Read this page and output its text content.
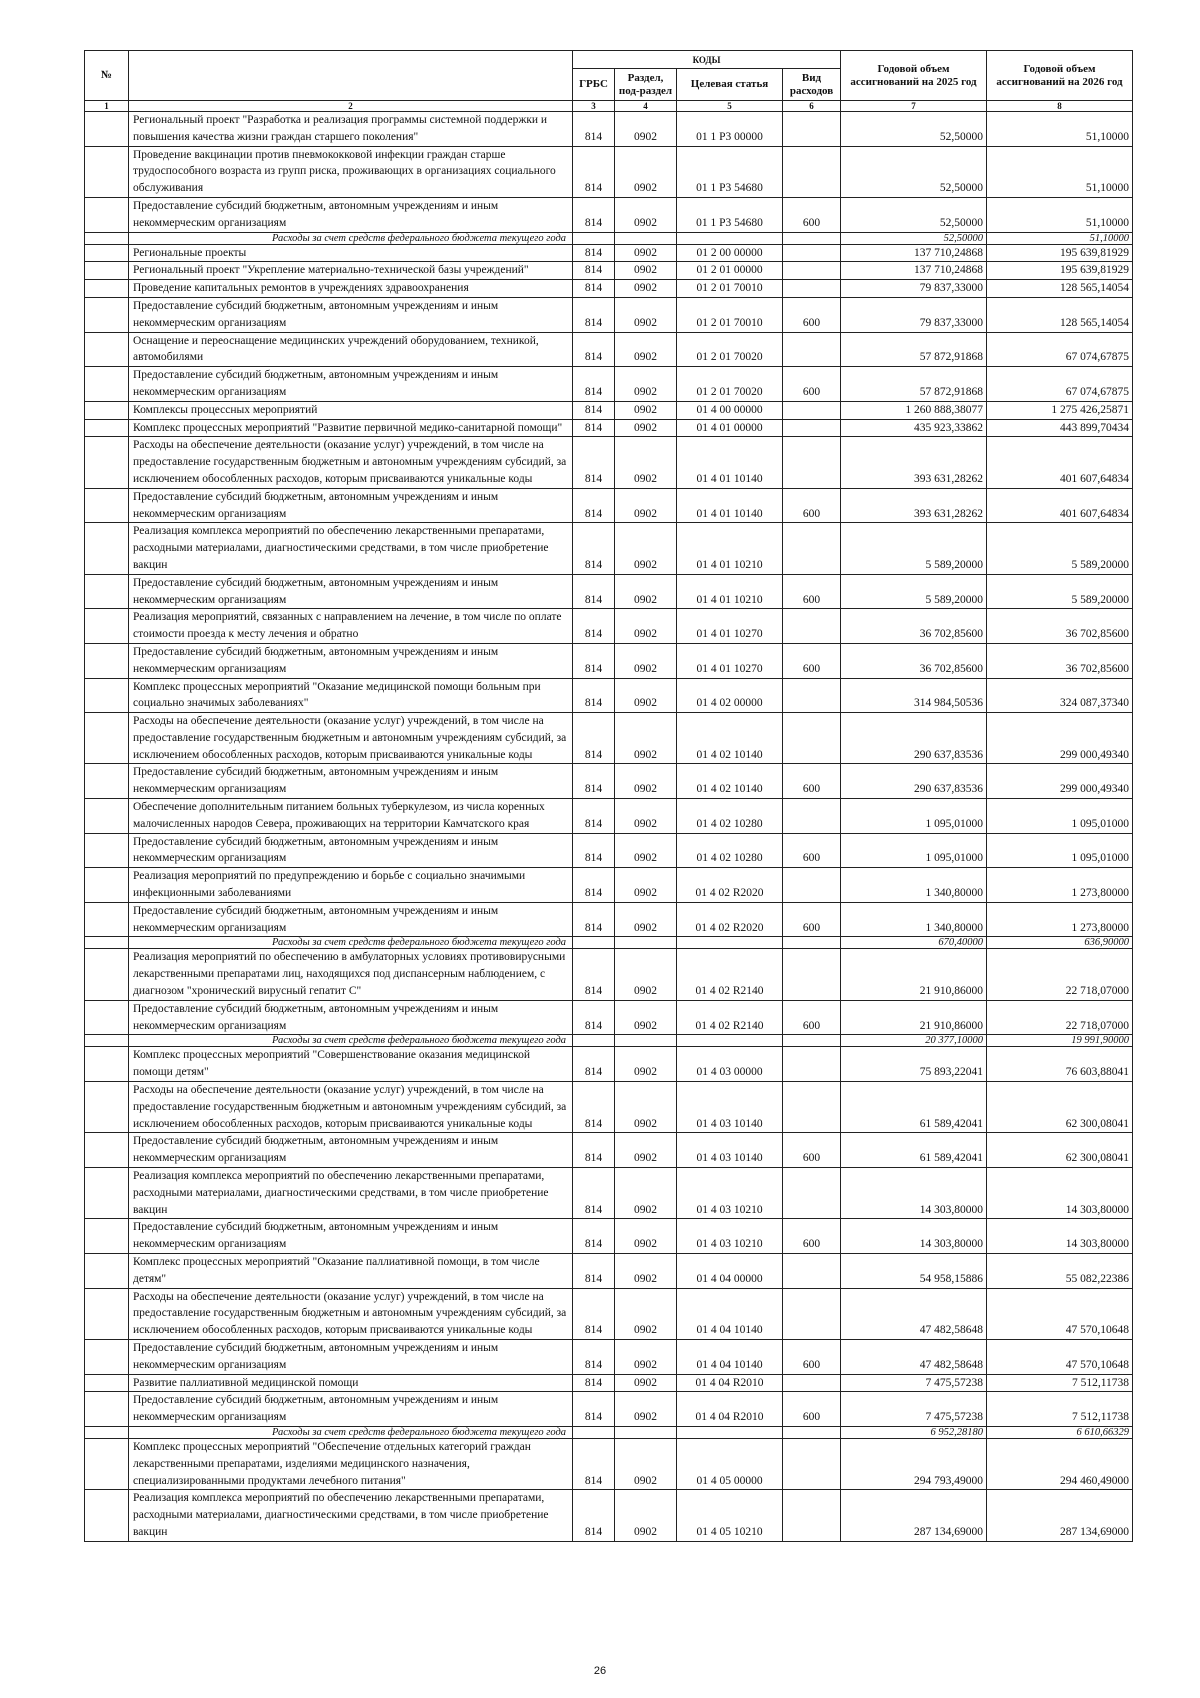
№		КОДЫ				Годовой объем ассигнований на 2025 год	Годовой объем ассигнований на 2026 год
		ГРБС	Раздел, под-раздел	Целевая статья	Вид расходов		
1	2	3	4	5	6	7	8
	Региональный проект "Разработка и реализация программы системной поддержки и повышения качества жизни граждан старшего поколения"	814	0902	01 1 P3 00000		52,50000	51,10000
	Проведение вакцинации против пневмококковой инфекции граждан старше трудоспособного возраста из групп риска, проживающих в организациях социального обслуживания	814	0902	01 1 P3 54680		52,50000	51,10000
	Предоставление субсидий бюджетным, автономным учреждениям и иным некоммерческим организациям	814	0902	01 1 P3 54680	600	52,50000	51,10000
	Расходы за счет средств федерального бюджета текущего года					52,50000	51,10000
	Региональные проекты	814	0902	01 2 00 00000		137 710,24868	195 639,81929
	Региональный проект "Укрепление материально-технической базы учреждений"	814	0902	01 2 01 00000		137 710,24868	195 639,81929
	Проведение капитальных ремонтов в учреждениях здравоохранения	814	0902	01 2 01 70010		79 837,33000	128 565,14054
	Предоставление субсидий бюджетным, автономным учреждениям и иным некоммерческим организациям	814	0902	01 2 01 70010	600	79 837,33000	128 565,14054
	Оснащение и переоснащение медицинских учреждений оборудованием, техникой, автомобилями	814	0902	01 2 01 70020		57 872,91868	67 074,67875
	Предоставление субсидий бюджетным, автономным учреждениям и иным некоммерческим организациям	814	0902	01 2 01 70020	600	57 872,91868	67 074,67875
	Комплексы процессных мероприятий	814	0902	01 4 00 00000		1 260 888,38077	1 275 426,25871
	Комплекс процессных мероприятий "Развитие первичной медико-санитарной помощи"	814	0902	01 4 01 00000		435 923,33862	443 899,70434
	Расходы на обеспечение деятельности (оказание услуг) учреждений, в том числе на предоставление государственным бюджетным и автономным учреждениям субсидий, за исключением обособленных расходов, которым присваиваются уникальные коды	814	0902	01 4 01 10140		393 631,28262	401 607,64834
	Предоставление субсидий бюджетным, автономным учреждениям и иным некоммерческим организациям	814	0902	01 4 01 10140	600	393 631,28262	401 607,64834
	Реализация комплекса мероприятий по обеспечению лекарственными препаратами, расходными материалами, диагностическими средствами, в том числе приобретение вакцин	814	0902	01 4 01 10210		5 589,20000	5 589,20000
	Предоставление субсидий бюджетным, автономным учреждениям и иным некоммерческим организациям	814	0902	01 4 01 10210	600	5 589,20000	5 589,20000
	Реализация мероприятий, связанных с направлением на лечение, в том числе по оплате стоимости проезда к месту лечения и обратно	814	0902	01 4 01 10270		36 702,85600	36 702,85600
	Предоставление субсидий бюджетным, автономным учреждениям и иным некоммерческим организациям	814	0902	01 4 01 10270	600	36 702,85600	36 702,85600
	Комплекс процессных мероприятий "Оказание медицинской помощи больным при социально значимых заболеваниях"	814	0902	01 4 02 00000		314 984,50536	324 087,37340
	Расходы на обеспечение деятельности (оказание услуг) учреждений, в том числе на предоставление государственным бюджетным и автономным учреждениям субсидий, за исключением обособленных расходов, которым присваиваются уникальные коды	814	0902	01 4 02 10140		290 637,83536	299 000,49340
	Предоставление субсидий бюджетным, автономным учреждениям и иным некоммерческим организациям	814	0902	01 4 02 10140	600	290 637,83536	299 000,49340
	Обеспечение дополнительным питанием больных туберкулезом, из числа коренных малочисленных народов Севера, проживающих на территории Камчатского края	814	0902	01 4 02 10280		1 095,01000	1 095,01000
	Предоставление субсидий бюджетным, автономным учреждениям и иным некоммерческим организациям	814	0902	01 4 02 10280	600	1 095,01000	1 095,01000
	Реализация мероприятий по предупреждению и борьбе с социально значимыми инфекционными заболеваниями	814	0902	01 4 02 R2020		1 340,80000	1 273,80000
	Предоставление субсидий бюджетным, автономным учреждениям и иным некоммерческим организациям	814	0902	01 4 02 R2020	600	1 340,80000	1 273,80000
	Расходы за счет средств федерального бюджета текущего года					670,40000	636,90000
	Реализация мероприятий по обеспечению в амбулаторных условиях противовирусными лекарственными препаратами лиц, находящихся под диспансерным наблюдением, с диагнозом "хронический вирусный гепатит С"	814	0902	01 4 02 R2140		21 910,86000	22 718,07000
	Предоставление субсидий бюджетным, автономным учреждениям и иным некоммерческим организациям	814	0902	01 4 02 R2140	600	21 910,86000	22 718,07000
	Расходы за счет средств федерального бюджета текущего года					20 377,10000	19 991,90000
	Комплекс процессных мероприятий "Совершенствование оказания медицинской помощи детям"	814	0902	01 4 03 00000		75 893,22041	76 603,88041
	Расходы на обеспечение деятельности (оказание услуг) учреждений, в том числе на предоставление государственным бюджетным и автономным учреждениям субсидий, за исключением обособленных расходов, которым присваиваются уникальные коды	814	0902	01 4 03 10140		61 589,42041	62 300,08041
	Предоставление субсидий бюджетным, автономным учреждениям и иным некоммерческим организациям	814	0902	01 4 03 10140	600	61 589,42041	62 300,08041
	Реализация комплекса мероприятий по обеспечению лекарственными препаратами, расходными материалами, диагностическими средствами, в том числе приобретение вакцин	814	0902	01 4 03 10210		14 303,80000	14 303,80000
	Предоставление субсидий бюджетным, автономным учреждениям и иным некоммерческим организациям	814	0902	01 4 03 10210	600	14 303,80000	14 303,80000
	Комплекс процессных мероприятий "Оказание паллиативной помощи, в том числе детям"	814	0902	01 4 04 00000		54 958,15886	55 082,22386
	Расходы на обеспечение деятельности (оказание услуг) учреждений, в том числе на предоставление государственным бюджетным и автономным учреждениям субсидий, за исключением обособленных расходов, которым присваиваются уникальные коды	814	0902	01 4 04 10140		47 482,58648	47 570,10648
	Предоставление субсидий бюджетным, автономным учреждениям и иным некоммерческим организациям	814	0902	01 4 04 10140	600	47 482,58648	47 570,10648
	Развитие паллиативной медицинской помощи	814	0902	01 4 04 R2010		7 475,57238	7 512,11738
	Предоставление субсидий бюджетным, автономным учреждениям и иным некоммерческим организациям	814	0902	01 4 04 R2010	600	7 475,57238	7 512,11738
	Расходы за счет средств федерального бюджета текущего года					6 952,28180	6 610,66329
	Комплекс процессных мероприятий "Обеспечение отдельных категорий граждан лекарственными препаратами, изделиями медицинского назначения, специализированными продуктами лечебного питания"	814	0902	01 4 05 00000		294 793,49000	294 460,49000
	Реализация комплекса мероприятий по обеспечению лекарственными препаратами, расходными материалами, диагностическими средствами, в том числе приобретение вакцин	814	0902	01 4 05 10210		287 134,69000	287 134,69000
26
